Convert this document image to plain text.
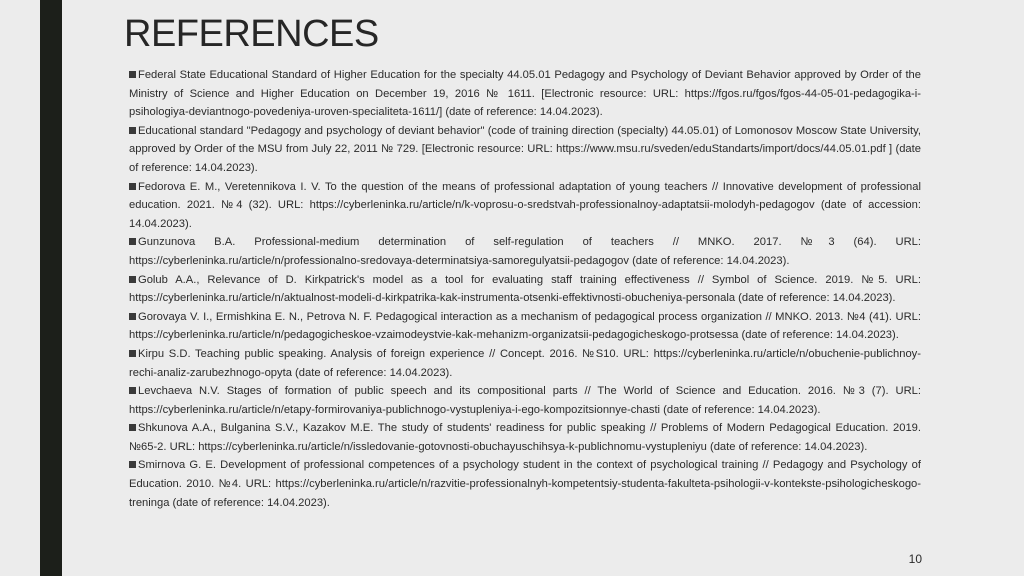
REFERENCES
Federal State Educational Standard of Higher Education for the specialty 44.05.01 Pedagogy and Psychology of Deviant Behavior approved by Order of the Ministry of Science and Higher Education on December 19, 2016 № 1611. [Electronic resource: URL: https://fgos.ru/fgos/fgos-44-05-01-pedagogika-i-psihologiya-deviantnogo-povedeniya-uroven-specialiteta-1611/] (date of reference: 14.04.2023).
Educational standard "Pedagogy and psychology of deviant behavior" (code of training direction (specialty) 44.05.01) of Lomonosov Moscow State University, approved by Order of the MSU from July 22, 2011 № 729. [Electronic resource: URL: https://www.msu.ru/sveden/eduStandarts/import/docs/44.05.01.pdf ] (date of reference: 14.04.2023).
Fedorova E. M., Veretennikova I. V. To the question of the means of professional adaptation of young teachers // Innovative development of professional education. 2021. №4 (32). URL: https://cyberleninka.ru/article/n/k-voprosu-o-sredstvah-professionalnoy-adaptatsii-molodyh-pedagogov (date of accession: 14.04.2023).
Gunzunova B.A. Professional-medium determination of self-regulation of teachers // MNKO. 2017. №3 (64). URL: https://cyberleninka.ru/article/n/professionalno-sredovaya-determinatsiya-samoregulyatsii-pedagogov (date of reference: 14.04.2023).
Golub A.A., Relevance of D. Kirkpatrick's model as a tool for evaluating staff training effectiveness // Symbol of Science. 2019. №5. URL: https://cyberleninka.ru/article/n/aktualnost-modeli-d-kirkpatrika-kak-instrumenta-otsenki-effektivnosti-obucheniya-personala (date of reference: 14.04.2023).
Gorovaya V. I., Ermishkina E. N., Petrova N. F. Pedagogical interaction as a mechanism of pedagogical process organization // MNKO. 2013. №4 (41). URL: https://cyberleninka.ru/article/n/pedagogicheskoe-vzaimodeystvie-kak-mehanizm-organizatsii-pedagogicheskogo-protsessa (date of reference: 14.04.2023).
Kirpu S.D. Teaching public speaking. Analysis of foreign experience // Concept. 2016. №S10. URL: https://cyberleninka.ru/article/n/obuchenie-publichnoy-rechi-analiz-zarubezhnogo-opyta (date of reference: 14.04.2023).
Levchaeva N.V. Stages of formation of public speech and its compositional parts // The World of Science and Education. 2016. №3 (7). URL: https://cyberleninka.ru/article/n/etapy-formirovaniya-publichnogo-vystupleniya-i-ego-kompozitsionnye-chasti (date of reference: 14.04.2023).
Shkunova A.A., Bulganina S.V., Kazakov M.E. The study of students' readiness for public speaking // Problems of Modern Pedagogical Education. 2019. №65-2. URL: https://cyberleninka.ru/article/n/issledovanie-gotovnosti-obuchayuschihsya-k-publichnomu-vystupleniyu (date of reference: 14.04.2023).
Smirnova G. E. Development of professional competences of a psychology student in the context of psychological training // Pedagogy and Psychology of Education. 2010. №4. URL: https://cyberleninka.ru/article/n/razvitie-professionalnyh-kompetentsiy-studenta-fakulteta-psihologii-v-kontekste-psihologicheskogo-treninga (date of reference: 14.04.2023).
10
